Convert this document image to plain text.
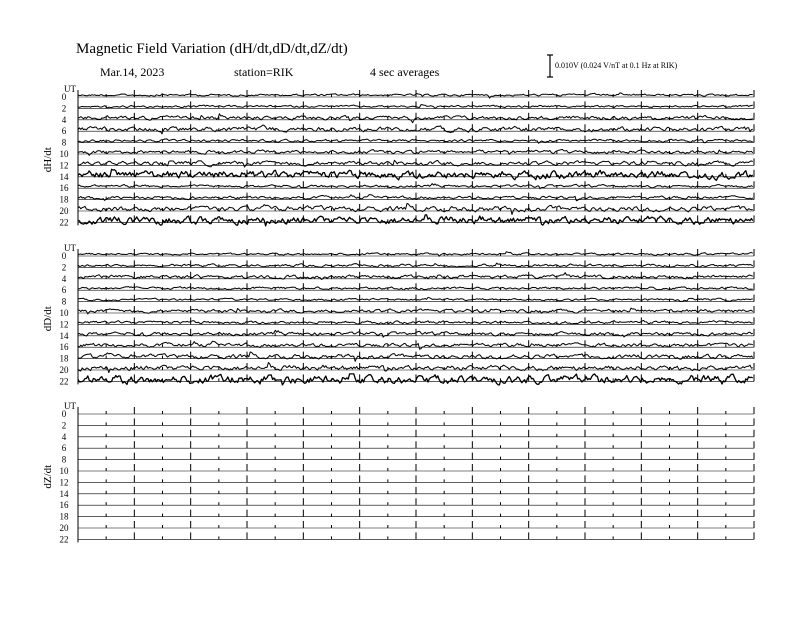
Magnetic Field Variation (dH/dt,dD/dt,dZ/dt)
Mar.14, 2023	station=RIK	4 sec averages	0.010V (0.024 V/nT at 0.1 Hz at RIK)
UT
dH/dt
0
2
4
6
8
10
12
14
16
18
20
22
UT
dD/dt
0
2
4
6
8
10
12
14
16
18
20
22
UT
dZ/dt
0
2
4
6
8
10
12
14
16
18
20
22
